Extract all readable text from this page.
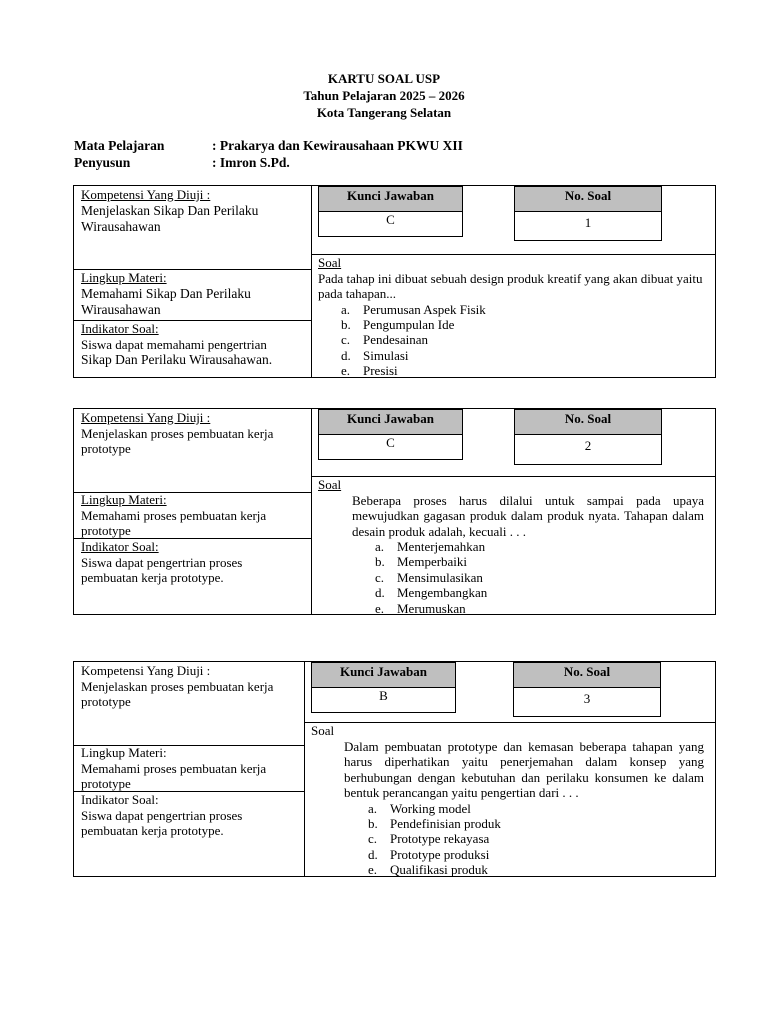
KARTU SOAL USP
Tahun Pelajaran 2025 – 2026
Kota Tangerang Selatan
Mata Pelajaran	: Prakarya dan Kewirausahaan PKWU XII
Penyusun	: Imron S.Pd.
Kompetensi Yang Diuji :
Menjelaskan Sikap Dan Perilaku Wirausahawan
Lingkup Materi:
Memahami Sikap Dan Perilaku Wirausahawan
Indikator Soal:
Siswa dapat memahami pengertrian
Sikap Dan Perilaku Wirausahawan.
Kunci Jawaban
C
No. Soal
1
Soal
Pada tahap ini dibuat sebuah design produk kreatif yang akan dibuat yaitu pada tahapan...
a. Perumusan Aspek Fisik
b. Pengumpulan Ide
c. Pendesainan
d. Simulasi
e. Presisi
Kompetensi Yang Diuji :
Menjelaskan proses pembuatan kerja prototype
Lingkup Materi:
Memahami proses pembuatan kerja prototype
Indikator Soal:
Siswa dapat pengertrian proses
pembuatan kerja prototype.
Kunci Jawaban
C
No. Soal
2
Soal
Beberapa proses harus dilalui untuk sampai pada upaya mewujudkan gagasan produk dalam produk nyata. Tahapan dalam desain produk adalah, kecuali . . .
a. Menterjemahkan
b. Memperbaiki
c. Mensimulasikan
d. Mengembangkan
e. Merumuskan
Kompetensi Yang Diuji :
Menjelaskan proses pembuatan kerja prototype
Lingkup Materi:
Memahami proses pembuatan kerja prototype
Indikator Soal:
Siswa dapat pengertrian proses
pembuatan kerja prototype.
Kunci Jawaban
B
No. Soal
3
Soal
Dalam pembuatan prototype dan kemasan beberapa tahapan yang harus diperhatikan yaitu penerjemahan dalam konsep yang berhubungan dengan kebutuhan dan perilaku konsumen ke dalam bentuk perancangan yaitu pengertian dari . . .
a. Working model
b. Pendefinisian produk
c. Prototype rekayasa
d. Prototype produksi
e. Qualifikasi produk
